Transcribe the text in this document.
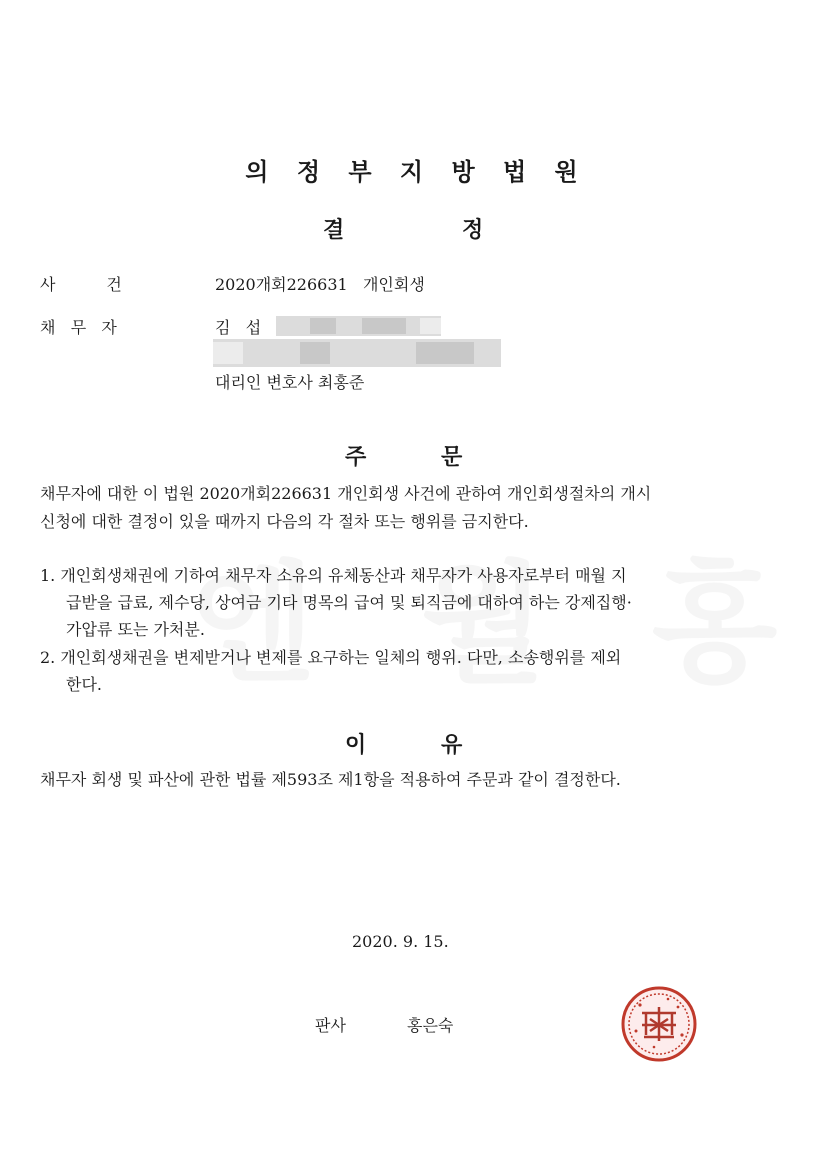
의 정 부 지 방 법 원
결	정
사          건	2020개회226631   개인회생
채   무   자	김   섭
대리인 변호사 최홍준
주	문
채무자에 대한 이 법원 2020개회226631 개인회생 사건에 관하여 개인회생절차의 개시
신청에 대한 결정이 있을 때까지 다음의 각 절차 또는 행위를 금지한다.
1. 개인회생채권에 기하여 채무자 소유의 유체동산과 채무자가 사용자로부터 매월 지
급받을 급료, 제수당, 상여금 기타 명목의 급여 및 퇴직금에 대하여 하는 강제집행·
가압류 또는 가처분.
2. 개인회생채권을 변제받거나 변제를 요구하는 일체의 행위. 다만, 소송행위를 제외
한다.
이	유
채무자 회생 및 파산에 관한 법률 제593조 제1항을 적용하여 주문과 같이 결정한다.
2020. 9. 15.
판사	홍은숙
